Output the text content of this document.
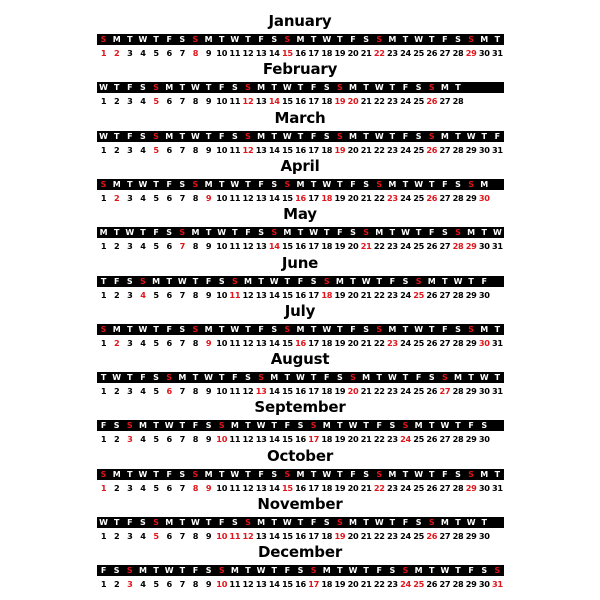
January
S M T W T F S S M T W T F S S M T W T F S S M T W T F S S M T
1 2 3 4 5 6 7 8 9 10 11 12 13 14 15 16 17 18 19 20 21 22 23 24 25 26 27 28 29 30 31
February
W T F S S M T W T F S S M T W T F S S M T W T F S S M T
1 2 3 4 5 6 7 8 9 10 11 12 13 14 15 16 17 18 19 20 21 22 23 24 25 26 27 28
March
W T F S S M T W T F S S M T W T F S S M T W T F S S M T W T F
1 2 3 4 5 6 7 8 9 10 11 12 13 14 15 16 17 18 19 20 21 22 23 24 25 26 27 28 29 30 31
April
S M T W T F S S M T W T F S S M T W T F S S M T W T F S S M
1 2 3 4 5 6 7 8 9 10 11 12 13 14 15 16 17 18 19 20 21 22 23 24 25 26 27 28 29 30
May
M T W T F S S M T W T F S S M T W T F S S M T W T F S S M T W
1 2 3 4 5 6 7 8 9 10 11 12 13 14 15 16 17 18 19 20 21 22 23 24 25 26 27 28 29 30 31
June
T F S S M T W T F S S M T W T F S S M T W T F S S M T W T F
1 2 3 4 5 6 7 8 9 10 11 12 13 14 15 16 17 18 19 20 21 22 23 24 25 26 27 28 29 30
July
S M T W T F S S M T W T F S S M T W T F S S M T W T F S S M T
1 2 3 4 5 6 7 8 9 10 11 12 13 14 15 16 17 18 19 20 21 22 23 24 25 26 27 28 29 30 31
August
T W T F S S M T W T F S S M T W T F S S M T W T F S S M T W T
1 2 3 4 5 6 7 8 9 10 11 12 13 14 15 16 17 18 19 20 21 22 23 24 25 26 27 28 29 30 31
September
F S S M T W T F S S M T W T F S S M T W T F S S M T W T F S
1 2 3 4 5 6 7 8 9 10 11 12 13 14 15 16 17 18 19 20 21 22 23 24 25 26 27 28 29 30
October
S M T W T F S S M T W T F S S M T W T F S S M T W T F S S M T
1 2 3 4 5 6 7 8 9 10 11 12 13 14 15 16 17 18 19 20 21 22 23 24 25 26 27 28 29 30 31
November
W T F S S M T W T F S S M T W T F S S M T W T F S S M T W T
1 2 3 4 5 6 7 8 9 10 11 12 13 14 15 16 17 18 19 20 21 22 23 24 25 26 27 28 29 30
December
F S S M T W T F S S M T W T F S S M T W T F S S M T W T F S S
1 2 3 4 5 6 7 8 9 10 11 12 13 14 15 16 17 18 19 20 21 22 23 24 25 26 27 28 29 30 31
